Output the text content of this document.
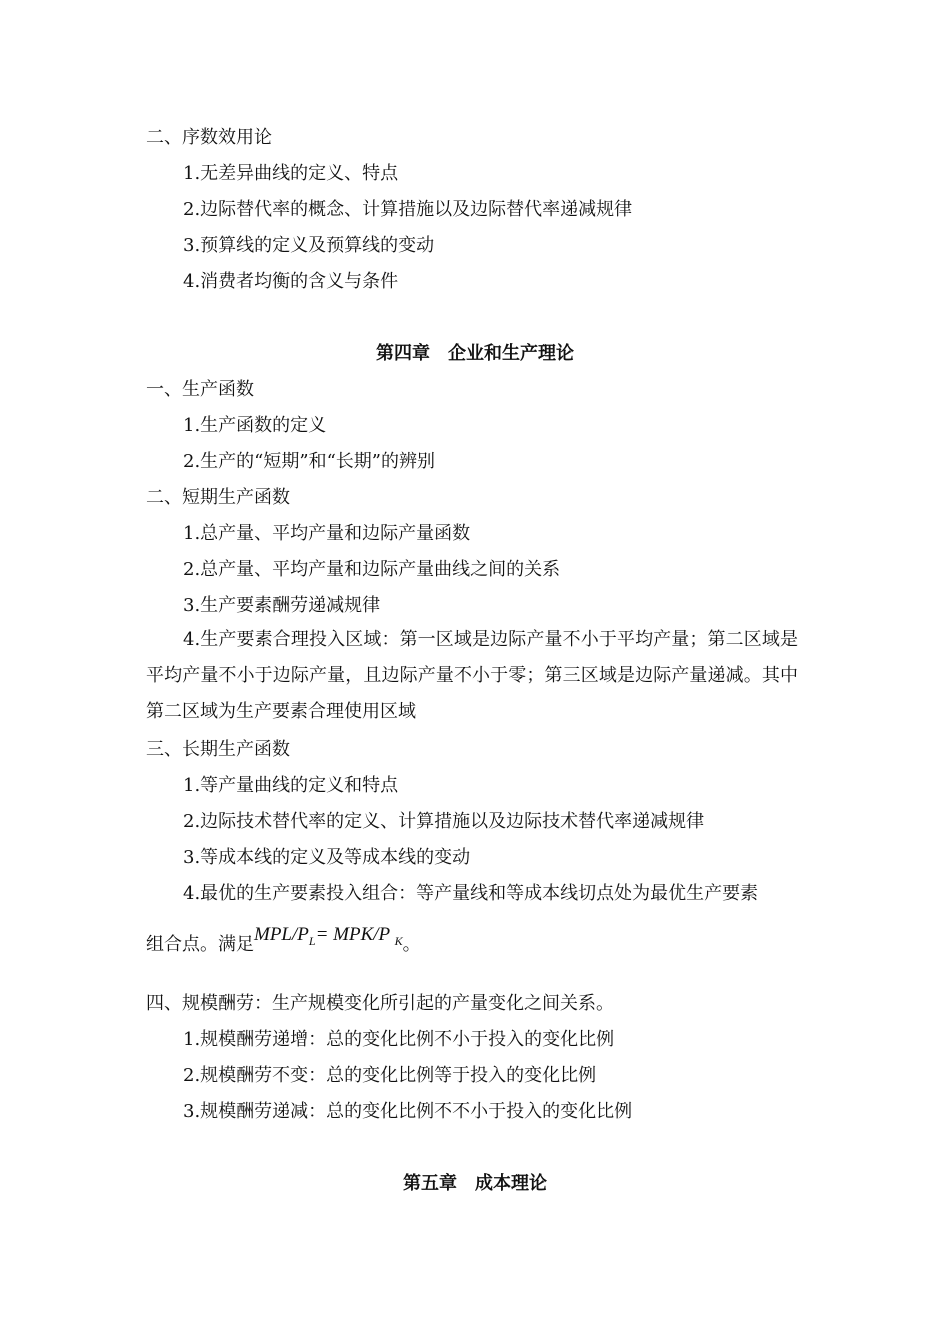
二、序数效用论
1.无差异曲线的定义、特点
2.边际替代率的概念、计算措施以及边际替代率递减规律
3.预算线的定义及预算线的变动
4.消费者均衡的含义与条件
第四章　企业和生产理论
一、生产函数
1.生产函数的定义
2.生产的“短期”和“长期”的辨别
二、短期生产函数
1.总产量、平均产量和边际产量函数
2.总产量、平均产量和边际产量曲线之间的关系
3.生产要素酬劳递减规律
4.生产要素合理投入区域：第一区域是边际产量不小于平均产量；第二区域是平均产量不小于边际产量，且边际产量不小于零；第三区域是边际产量递减。其中第二区域为生产要素合理使用区域
三、长期生产函数
1.等产量曲线的定义和特点
2.边际技术替代率的定义、计算措施以及边际技术替代率递减规律
3.等成本线的定义及等成本线的变动
4.最优的生产要素投入组合：等产量线和等成本线切点处为最优生产要素
组合点。满足MPL/$P_L= MPK/P$ $_K$。
四、规模酬劳：生产规模变化所引起的产量变化之间关系。
1.规模酬劳递增：总的变化比例不小于投入的变化比例
2.规模酬劳不变：总的变化比例等于投入的变化比例
3.规模酬劳递减：总的变化比例不不小于投入的变化比例
第五章　成本理论
